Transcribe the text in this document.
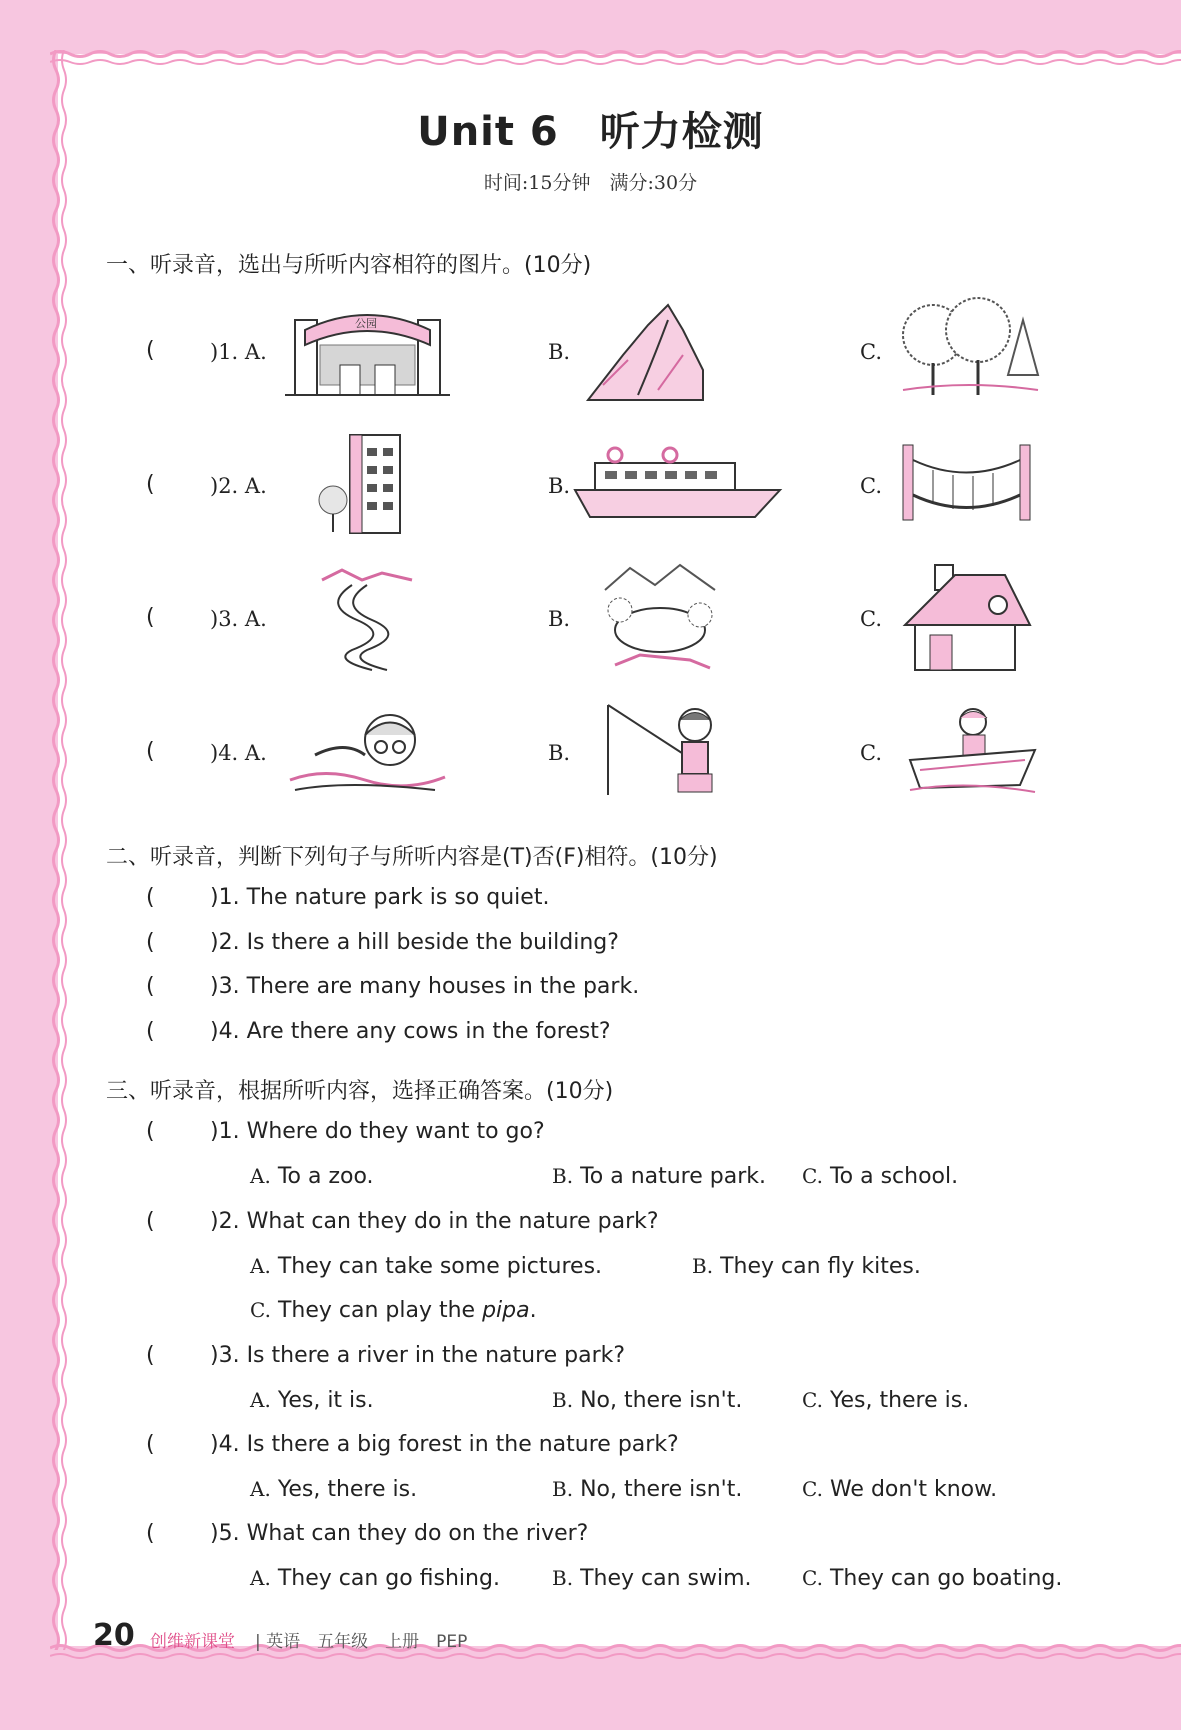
Unit 6　听力检测
时间:15分钟　满分:30分
一、听录音，选出与所听内容相符的图片。(10分)
(	)1. A.
公园
B.	C.
(	)2. A.	B.	C.
(	)3. A.	B.	C.
(	)4. A.	B.	C.
二、听录音，判断下列句子与所听内容是(T)否(F)相符。(10分)
(	)1. The nature park is so quiet.
(	)2. Is there a hill beside the building?
(	)3. There are many houses in the park.
(	)4. Are there any cows in the forest?
三、听录音，根据所听内容，选择正确答案。(10分)
(	)1. Where do they want to go?
A. To a zoo.	B. To a nature park. C. To a school.
(	)2. What can they do in the nature park?
A. They can take some pictures.	B. They can fly kites.
C. They can play the pipa.
(	)3. Is there a river in the nature park?
A. Yes, it is.	B. No, there isn't.	C. Yes, there is.
(	)4. Is there a big forest in the nature park?
A. Yes, there is.	B. No, there isn't.	C. We don't know.
(	)5. What can they do on the river?
A. They can go fishing.	B. They can swim.	C. They can go boating.
20 创维新课堂 | 英语　五年级　上册　PEP
